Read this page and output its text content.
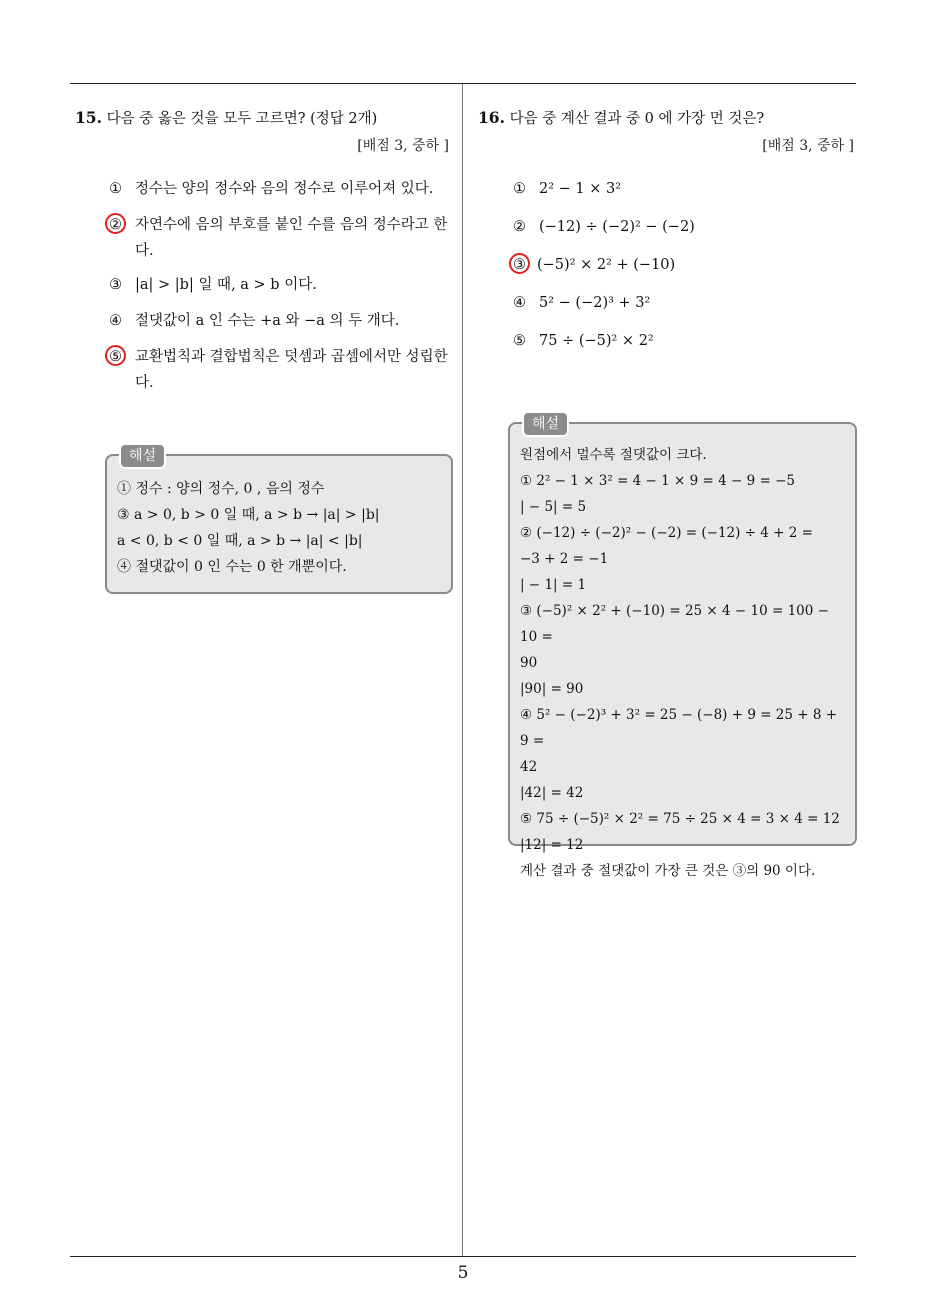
15. 다음 중 옳은 것을 모두 고르면? (정답 2개)
[배점 3, 중하 ]
① 정수는 양의 정수와 음의 정수로 이루어져 있다.
② 자연수에 음의 부호를 붙인 수를 음의 정수라고 한다.
③ |a| > |b| 일 때, a > b 이다.
④ 절댓값이 a 인 수는 +a 와 −a 의 두 개다.
⑤ 교환법칙과 결합법칙은 덧셈과 곱셈에서만 성립한다.
해설
① 정수 : 양의 정수, 0 , 음의 정수
③ a > 0, b > 0 일 때, a > b → |a| > |b|
a < 0, b < 0 일 때, a > b → |a| < |b|
④ 절댓값이 0 인 수는 0 한 개뿐이다.
16. 다음 중 계산 결과 중 0 에 가장 먼 것은?
[배점 3, 중하 ]
① 2² − 1 × 3²
② (−12) ÷ (−2)² − (−2)
③ (−5)² × 2² + (−10)
④ 5² − (−2)³ + 3²
⑤ 75 ÷ (−5)² × 2²
해설
원점에서 멀수록 절댓값이 크다.
① 2² − 1 × 3² = 4 − 1 × 9 = 4 − 9 = −5
| − 5| = 5
② (−12) ÷ (−2)² − (−2) = (−12) ÷ 4 + 2 =
−3 + 2 = −1
| − 1| = 1
③ (−5)² × 2² + (−10) = 25 × 4 − 10 = 100 − 10 =
90
|90| = 90
④ 5² − (−2)³ + 3² = 25 − (−8) + 9 = 25 + 8 + 9 =
42
|42| = 42
⑤ 75 ÷ (−5)² × 2² = 75 ÷ 25 × 4 = 3 × 4 = 12
|12| = 12
계산 결과 중 절댓값이 가장 큰 것은 ③의 90 이다.
5
